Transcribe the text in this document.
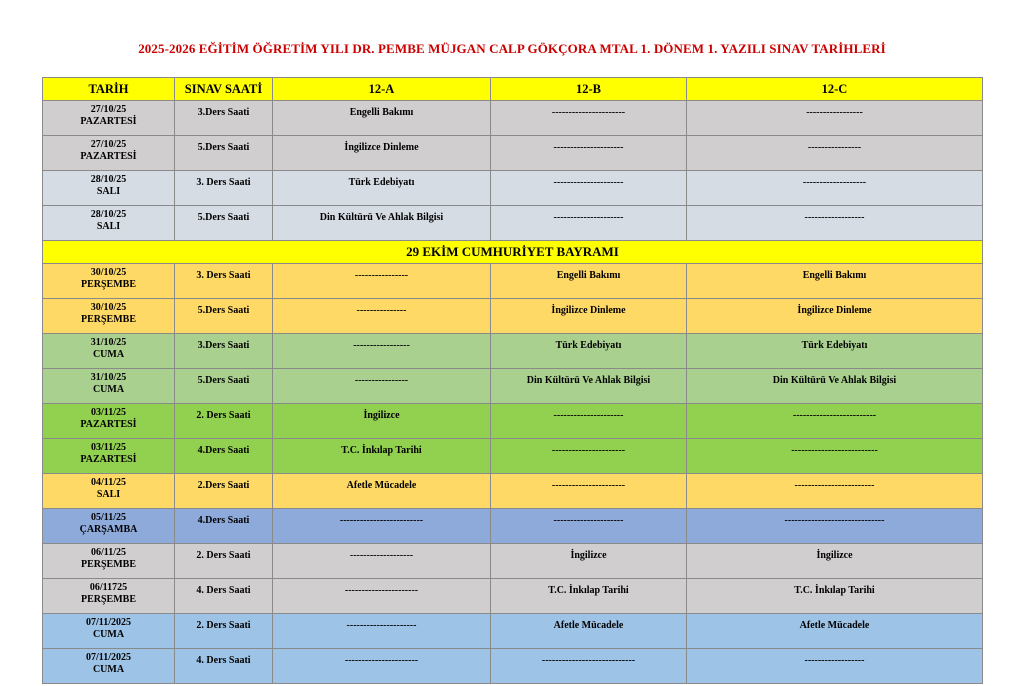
2025-2026 EĞİTİM ÖĞRETİM YILI DR. PEMBE MÜJGAN CALP GÖKÇORA MTAL 1. DÖNEM 1. YAZILI SINAV TARİHLERİ
TARİH	SINAV SAATİ	12-A	12-B	12-C

27/10/25
PAZARTESİ	3.Ders Saati	Engelli Bakımı	----------------------	-----------------

27/10/25
PAZARTESİ	5.Ders Saati	İngilizce Dinleme	---------------------	----------------

28/10/25
SALI	3. Ders Saati	Türk Edebiyatı	---------------------	-------------------

28/10/25
SALI	5.Ders Saati	Din Kültürü Ve Ahlak Bilgisi	---------------------	------------------
29 EKİM CUMHURİYET BAYRAMI				

30/10/25
PERŞEMBE	3. Ders Saati	----------------	Engelli Bakımı	Engelli Bakımı

30/10/25
PERŞEMBE	5.Ders Saati	---------------	İngilizce Dinleme	İngilizce Dinleme

31/10/25
CUMA	3.Ders Saati	-----------------	Türk Edebiyatı	Türk Edebiyatı

31/10/25
CUMA	5.Ders Saati	----------------	Din Kültürü Ve Ahlak Bilgisi	Din Kültürü Ve Ahlak Bilgisi

03/11/25
PAZARTESİ	2. Ders Saati	İngilizce	---------------------	-------------------------

03/11/25
PAZARTESİ	4.Ders Saati	T.C. İnkılap Tarihi	----------------------	--------------------------

04/11/25
SALI	2.Ders Saati	Afetle Mücadele	----------------------	------------------------

05/11/25
ÇARŞAMBA	4.Ders Saati	-------------------------	---------------------	------------------------------

06/11/25
PERŞEMBE	2. Ders Saati	-------------------	İngilizce	İngilizce

06/11725
PERŞEMBE	4. Ders Saati	----------------------	T.C. İnkılap Tarihi	T.C. İnkılap Tarihi

07/11/2025
CUMA	2. Ders Saati	---------------------	Afetle Mücadele	Afetle Mücadele

07/11/2025
CUMA	4. Ders Saati	----------------------	----------------------------	------------------
